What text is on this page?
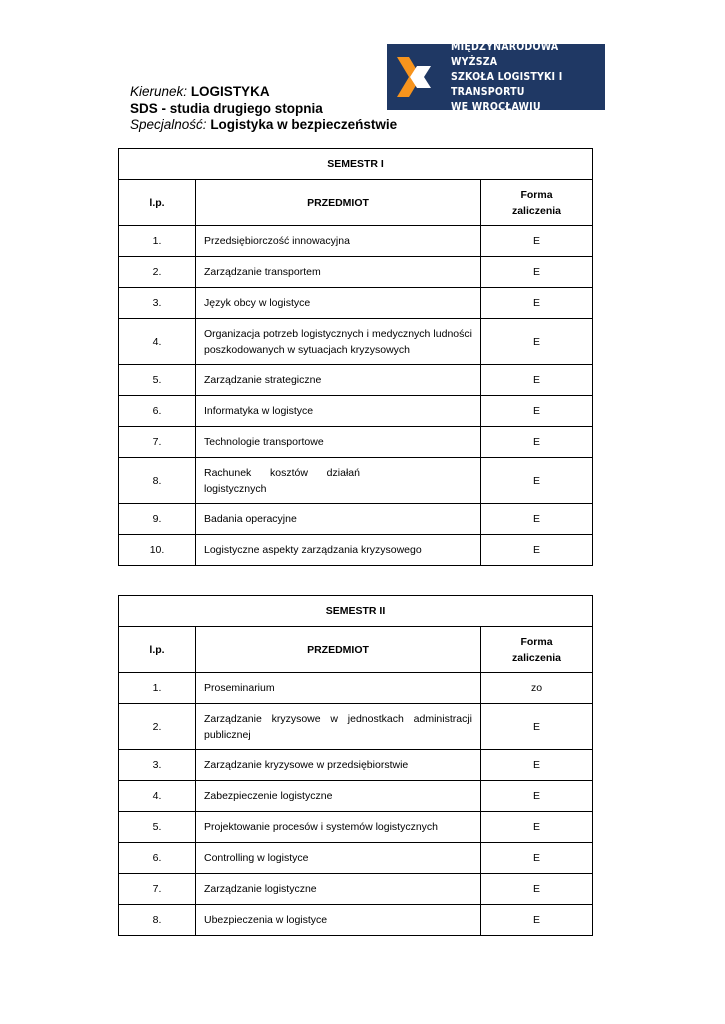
MIĘDZYNARODOWA WYŻSZA
SZKOŁA LOGISTYKI I TRANSPORTU
WE WROCŁAWIU
Kierunek: LOGISTYKA
SDS - studia drugiego stopnia
Specjalność: Logistyka w bezpieczeństwie
SEMESTR I		
l.p.	PRZEDMIOT	Forma
zaliczenia

1.	Przedsiębiorczość innowacyjna	E
2.	Zarządzanie transportem	E
3.	Język obcy w logistyce	E
4.	Organizacja potrzeb logistycznych i medycznych ludności poszkodowanych w sytuacjach kryzysowych	E
5.	Zarządzanie strategiczne	E
6.	Informatyka w logistyce	E
7.	Technologie transportowe	E
8.	Rachunek kosztów działań logistycznych	E
9.	Badania operacyjne	E
10.	Logistyczne aspekty zarządzania kryzysowego	E
SEMESTR II		
l.p.	PRZEDMIOT	Forma
zaliczenia

1.	Proseminarium	zo
2.	Zarządzanie kryzysowe w jednostkach administracji publicznej	E
3.	Zarządzanie kryzysowe w przedsiębiorstwie	E
4.	Zabezpieczenie logistyczne	E
5.	Projektowanie procesów i systemów logistycznych	E
6.	Controlling w logistyce	E
7.	Zarządzanie logistyczne	E
8.	Ubezpieczenia w logistyce	E
